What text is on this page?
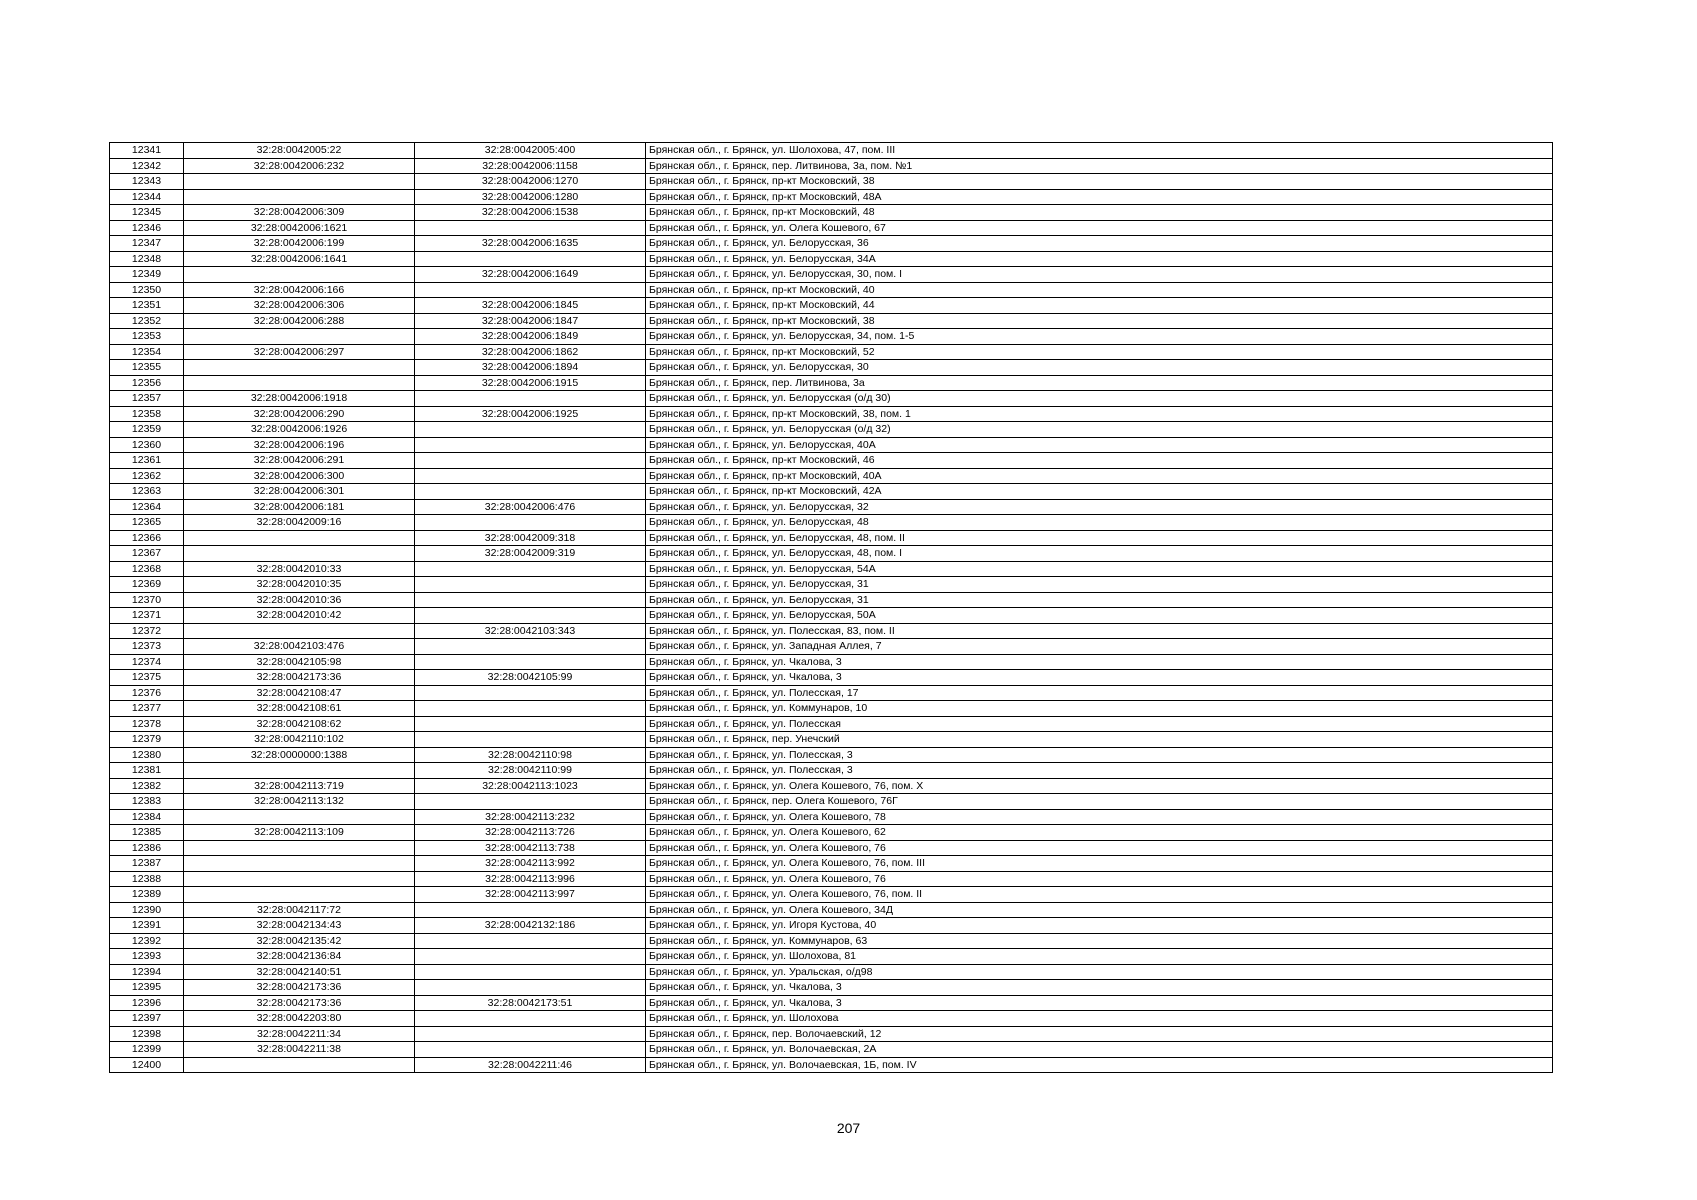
12341	32:28:0042005:22	32:28:0042005:400	Брянская обл., г. Брянск, ул. Шолохова, 47, пом. III
12342	32:28:0042006:232	32:28:0042006:1158	Брянская обл., г. Брянск, пер. Литвинова, 3а, пом. №1
12343		32:28:0042006:1270	Брянская обл., г. Брянск, пр-кт Московский, 38
12344		32:28:0042006:1280	Брянская обл., г. Брянск, пр-кт Московский, 48А
12345	32:28:0042006:309	32:28:0042006:1538	Брянская обл., г. Брянск, пр-кт Московский, 48
12346	32:28:0042006:1621		Брянская обл., г. Брянск, ул. Олега Кошевого, 67
12347	32:28:0042006:199	32:28:0042006:1635	Брянская обл., г. Брянск, ул. Белорусская, 36
12348	32:28:0042006:1641		Брянская обл., г. Брянск, ул. Белорусская, 34А
12349		32:28:0042006:1649	Брянская обл., г. Брянск, ул. Белорусская, 30, пом. I
12350	32:28:0042006:166		Брянская обл., г. Брянск, пр-кт Московский, 40
12351	32:28:0042006:306	32:28:0042006:1845	Брянская обл., г. Брянск, пр-кт Московский, 44
12352	32:28:0042006:288	32:28:0042006:1847	Брянская обл., г. Брянск, пр-кт Московский, 38
12353		32:28:0042006:1849	Брянская обл., г. Брянск, ул. Белорусская, 34, пом. 1-5
12354	32:28:0042006:297	32:28:0042006:1862	Брянская обл., г. Брянск, пр-кт Московский, 52
12355		32:28:0042006:1894	Брянская обл., г. Брянск, ул. Белорусская, 30
12356		32:28:0042006:1915	Брянская обл., г. Брянск, пер. Литвинова, 3а
12357	32:28:0042006:1918		Брянская обл., г. Брянск, ул. Белорусская (о/д 30)
12358	32:28:0042006:290	32:28:0042006:1925	Брянская обл., г. Брянск, пр-кт Московский, 38, пом. 1
12359	32:28:0042006:1926		Брянская обл., г. Брянск, ул. Белорусская (о/д 32)
12360	32:28:0042006:196		Брянская обл., г. Брянск, ул. Белорусская, 40А
12361	32:28:0042006:291		Брянская обл., г. Брянск, пр-кт Московский, 46
12362	32:28:0042006:300		Брянская обл., г. Брянск, пр-кт Московский, 40А
12363	32:28:0042006:301		Брянская обл., г. Брянск, пр-кт Московский, 42А
12364	32:28:0042006:181	32:28:0042006:476	Брянская обл., г. Брянск, ул. Белорусская, 32
12365	32:28:0042009:16		Брянская обл., г. Брянск, ул. Белорусская, 48
12366		32:28:0042009:318	Брянская обл., г. Брянск, ул. Белорусская, 48, пом. II
12367		32:28:0042009:319	Брянская обл., г. Брянск, ул. Белорусская, 48, пом. I
12368	32:28:0042010:33		Брянская обл., г. Брянск, ул. Белорусская, 54А
12369	32:28:0042010:35		Брянская обл., г. Брянск, ул. Белорусская, 31
12370	32:28:0042010:36		Брянская обл., г. Брянск, ул. Белорусская, 31
12371	32:28:0042010:42		Брянская обл., г. Брянск, ул. Белорусская, 50А
12372		32:28:0042103:343	Брянская обл., г. Брянск, ул. Полесская, 83, пом. II
12373	32:28:0042103:476		Брянская обл., г. Брянск, ул. Западная Аллея, 7
12374	32:28:0042105:98		Брянская обл., г. Брянск, ул. Чкалова, 3
12375	32:28:0042173:36	32:28:0042105:99	Брянская обл., г. Брянск, ул. Чкалова, 3
12376	32:28:0042108:47		Брянская обл., г. Брянск, ул. Полесская, 17
12377	32:28:0042108:61		Брянская обл., г. Брянск, ул. Коммунаров, 10
12378	32:28:0042108:62		Брянская обл., г. Брянск, ул. Полесская
12379	32:28:0042110:102		Брянская обл., г. Брянск, пер. Унечский
12380	32:28:0000000:1388	32:28:0042110:98	Брянская обл., г. Брянск, ул. Полесская, 3
12381		32:28:0042110:99	Брянская обл., г. Брянск, ул. Полесская, 3
12382	32:28:0042113:719	32:28:0042113:1023	Брянская обл., г. Брянск, ул. Олега Кошевого, 76, пом. X
12383	32:28:0042113:132		Брянская обл., г. Брянск, пер. Олега Кошевого, 76Г
12384		32:28:0042113:232	Брянская обл., г. Брянск, ул. Олега Кошевого, 78
12385	32:28:0042113:109	32:28:0042113:726	Брянская обл., г. Брянск, ул. Олега Кошевого, 62
12386		32:28:0042113:738	Брянская обл., г. Брянск, ул. Олега Кошевого, 76
12387		32:28:0042113:992	Брянская обл., г. Брянск, ул. Олега Кошевого, 76, пом. III
12388		32:28:0042113:996	Брянская обл., г. Брянск, ул. Олега Кошевого, 76
12389		32:28:0042113:997	Брянская обл., г. Брянск, ул. Олега Кошевого, 76, пом. II
12390	32:28:0042117:72		Брянская обл., г. Брянск, ул. Олега Кошевого, 34Д
12391	32:28:0042134:43	32:28:0042132:186	Брянская обл., г. Брянск, ул. Игоря Кустова, 40
12392	32:28:0042135:42		Брянская обл., г. Брянск, ул. Коммунаров, 63
12393	32:28:0042136:84		Брянская обл., г. Брянск, ул. Шолохова, 81
12394	32:28:0042140:51		Брянская обл., г. Брянск, ул. Уральская, о/д98
12395	32:28:0042173:36		Брянская обл., г. Брянск, ул. Чкалова, 3
12396	32:28:0042173:36	32:28:0042173:51	Брянская обл., г. Брянск, ул. Чкалова, 3
12397	32:28:0042203:80		Брянская обл., г. Брянск, ул. Шолохова
12398	32:28:0042211:34		Брянская обл., г. Брянск, пер. Волочаевский, 12
12399	32:28:0042211:38		Брянская обл., г. Брянск, ул. Волочаевская, 2А
12400		32:28:0042211:46	Брянская обл., г. Брянск, ул. Волочаевская, 1Б, пом. IV
207
